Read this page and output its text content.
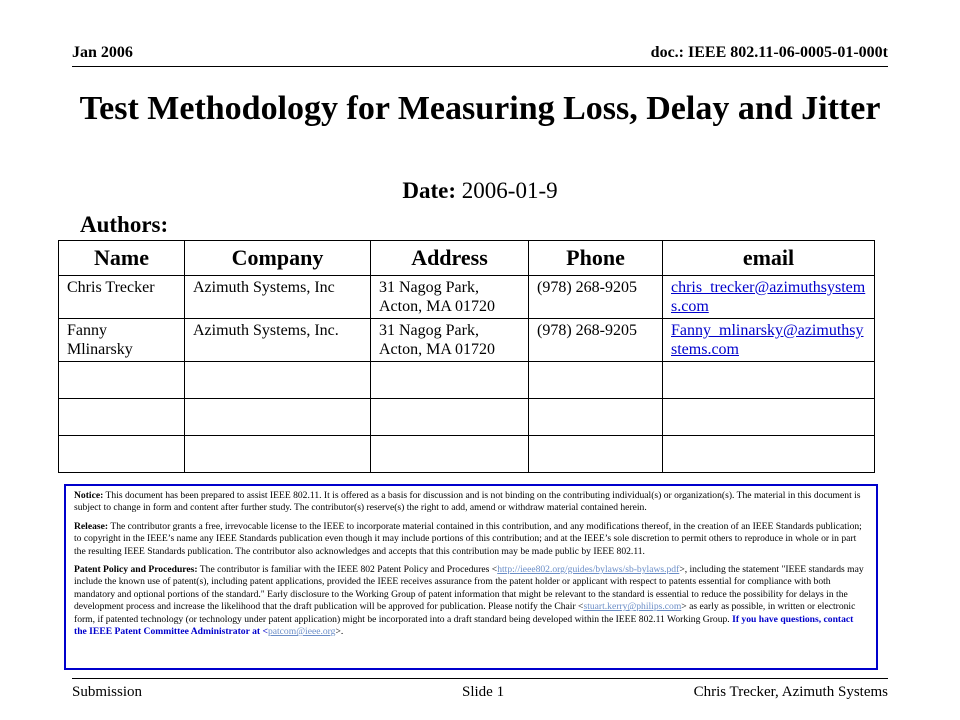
Jan 2006	doc.: IEEE 802.11-06-0005-01-000t
Test Methodology for Measuring Loss, Delay and Jitter
Date: 2006-01-9
Authors:
Name	Company	Address	Phone	email
Chris Trecker	Azimuth Systems, Inc	31 Nagog Park, Acton, MA 01720	(978) 268-9205	chris_trecker@azimuthsystems.com
Fanny Mlinarsky	Azimuth Systems, Inc.	31 Nagog Park, Acton, MA 01720	(978) 268-9205	Fanny_mlinarsky@azimuthsystems.com

Notice: This document has been prepared to assist IEEE 802.11. It is offered as a basis for discussion and is not binding on the contributing individual(s) or organization(s). The material in this document is subject to change in form and content after further study. The contributor(s) reserve(s) the right to add, amend or withdraw material contained herein.

Release: The contributor grants a free, irrevocable license to the IEEE to incorporate material contained in this contribution, and any modifications thereof, in the creation of an IEEE Standards publication; to copyright in the IEEE’s name any IEEE Standards publication even though it may include portions of this contribution; and at the IEEE’s sole discretion to permit others to reproduce in whole or in part the resulting IEEE Standards publication. The contributor also acknowledges and accepts that this contribution may be made public by IEEE 802.11.

Patent Policy and Procedures: The contributor is familiar with the IEEE 802 Patent Policy and Procedures <http://ieee802.org/guides/bylaws/sb-bylaws.pdf>, including the statement "IEEE standards may include the known use of patent(s), including patent applications, provided the IEEE receives assurance from the patent holder or applicant with respect to patents essential for compliance with both mandatory and optional portions of the standard." Early disclosure to the Working Group of patent information that might be relevant to the standard is essential to reduce the possibility for delays in the development process and increase the likelihood that the draft publication will be approved for publication. Please notify the Chair <stuart.kerry@philips.com> as early as possible, in written or electronic form, if patented technology (or technology under patent application) might be incorporated into a draft standard being developed within the IEEE 802.11 Working Group. If you have questions, contact the IEEE Patent Committee Administrator at <patcom@ieee.org>.

Submission	Slide 1	Chris Trecker, Azimuth Systems
